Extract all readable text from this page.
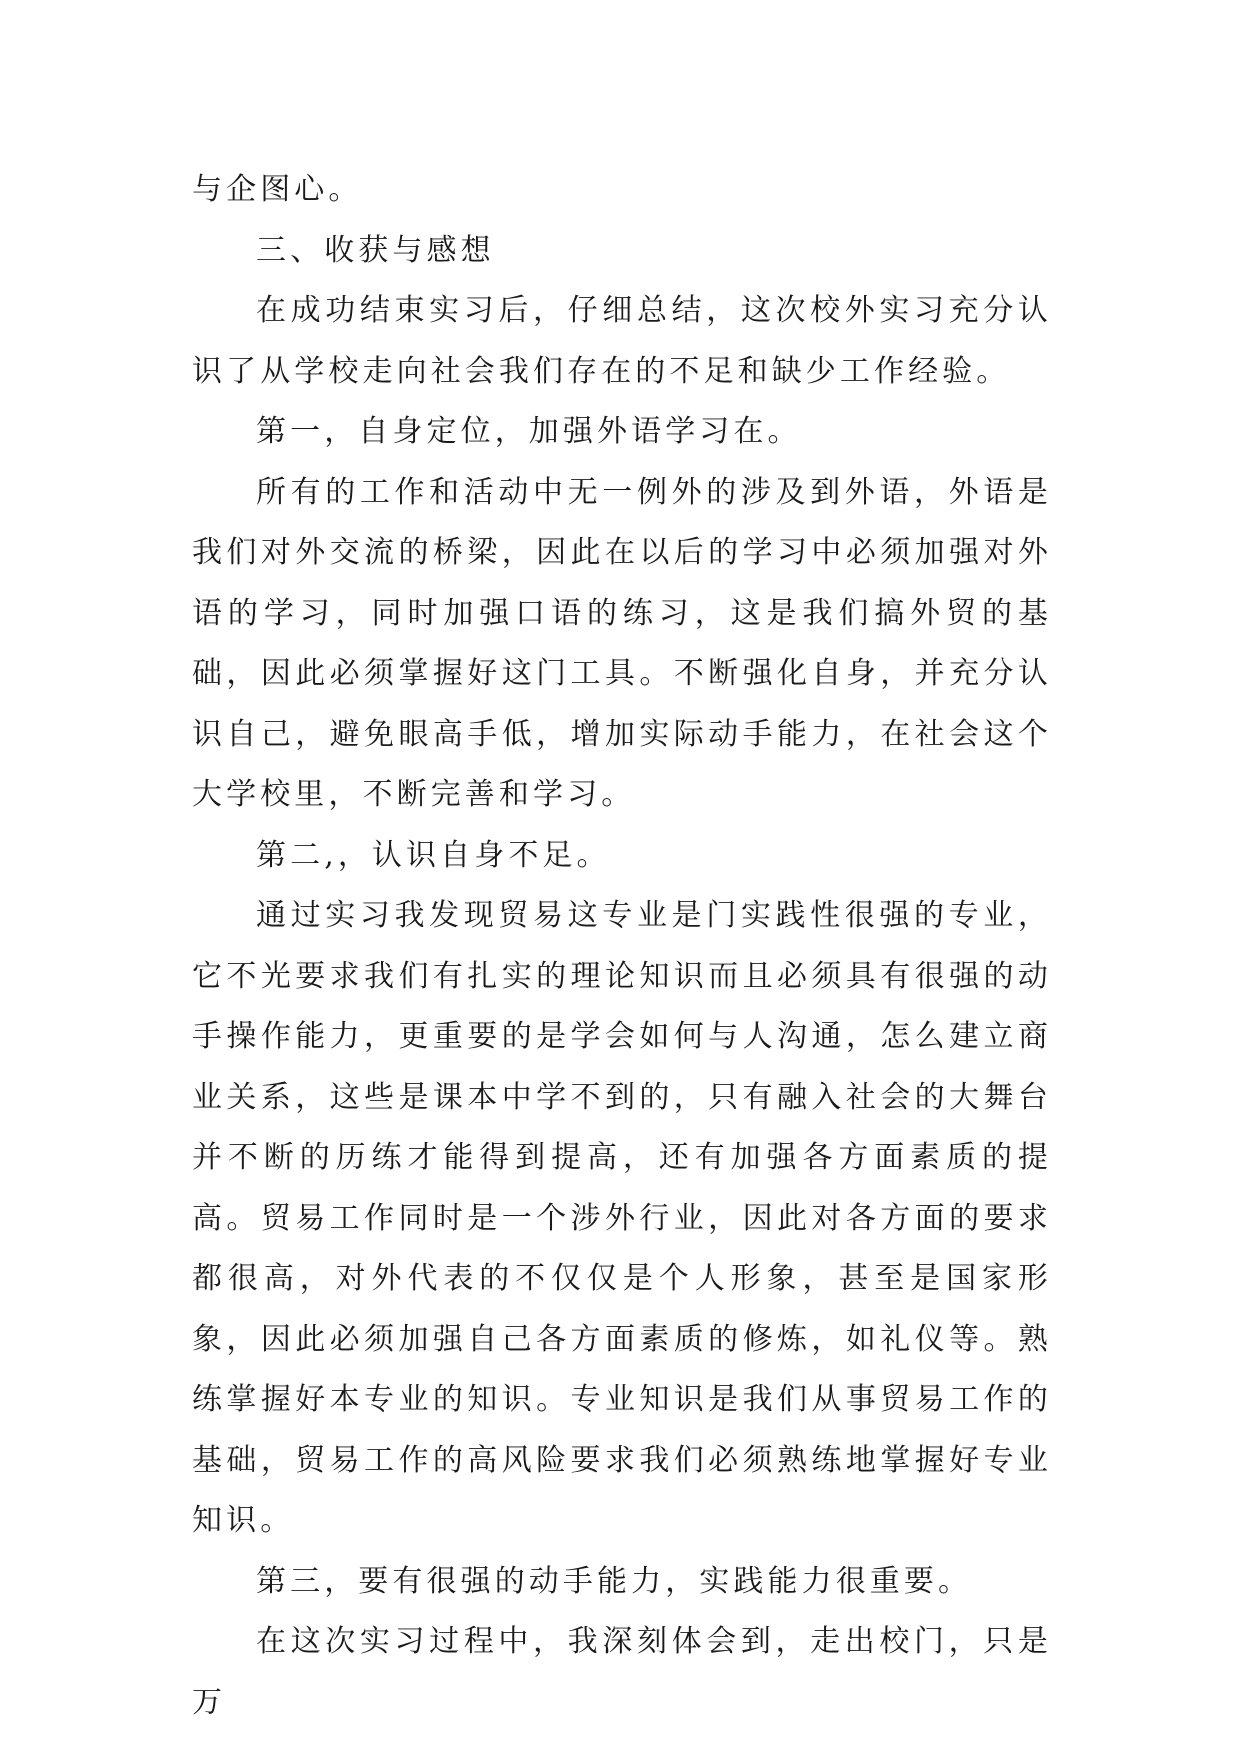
与企图心。

三、收获与感想

在成功结束实习后，仔细总结，这次校外实习充分认识了从学校走向社会我们存在的不足和缺少工作经验。

第一，自身定位，加强外语学习在。

所有的工作和活动中无一例外的涉及到外语，外语是我们对外交流的桥梁，因此在以后的学习中必须加强对外语的学习，同时加强口语的练习，这是我们搞外贸的基础，因此必须掌握好这门工具。不断强化自身，并充分认识自己，避免眼高手低，增加实际动手能力，在社会这个大学校里，不断完善和学习。

第二,，认识自身不足。

通过实习我发现贸易这专业是门实践性很强的专业，它不光要求我们有扎实的理论知识而且必须具有很强的动手操作能力，更重要的是学会如何与人沟通，怎么建立商业关系，这些是课本中学不到的，只有融入社会的大舞台并不断的历练才能得到提高，还有加强各方面素质的提高。贸易工作同时是一个涉外行业，因此对各方面的要求都很高，对外代表的不仅仅是个人形象，甚至是国家形象，因此必须加强自己各方面素质的修炼，如礼仪等。熟练掌握好本专业的知识。专业知识是我们从事贸易工作的基础，贸易工作的高风险要求我们必须熟练地掌握好专业知识。

第三，要有很强的动手能力，实践能力很重要。

在这次实习过程中，我深刻体会到，走出校门，只是万
